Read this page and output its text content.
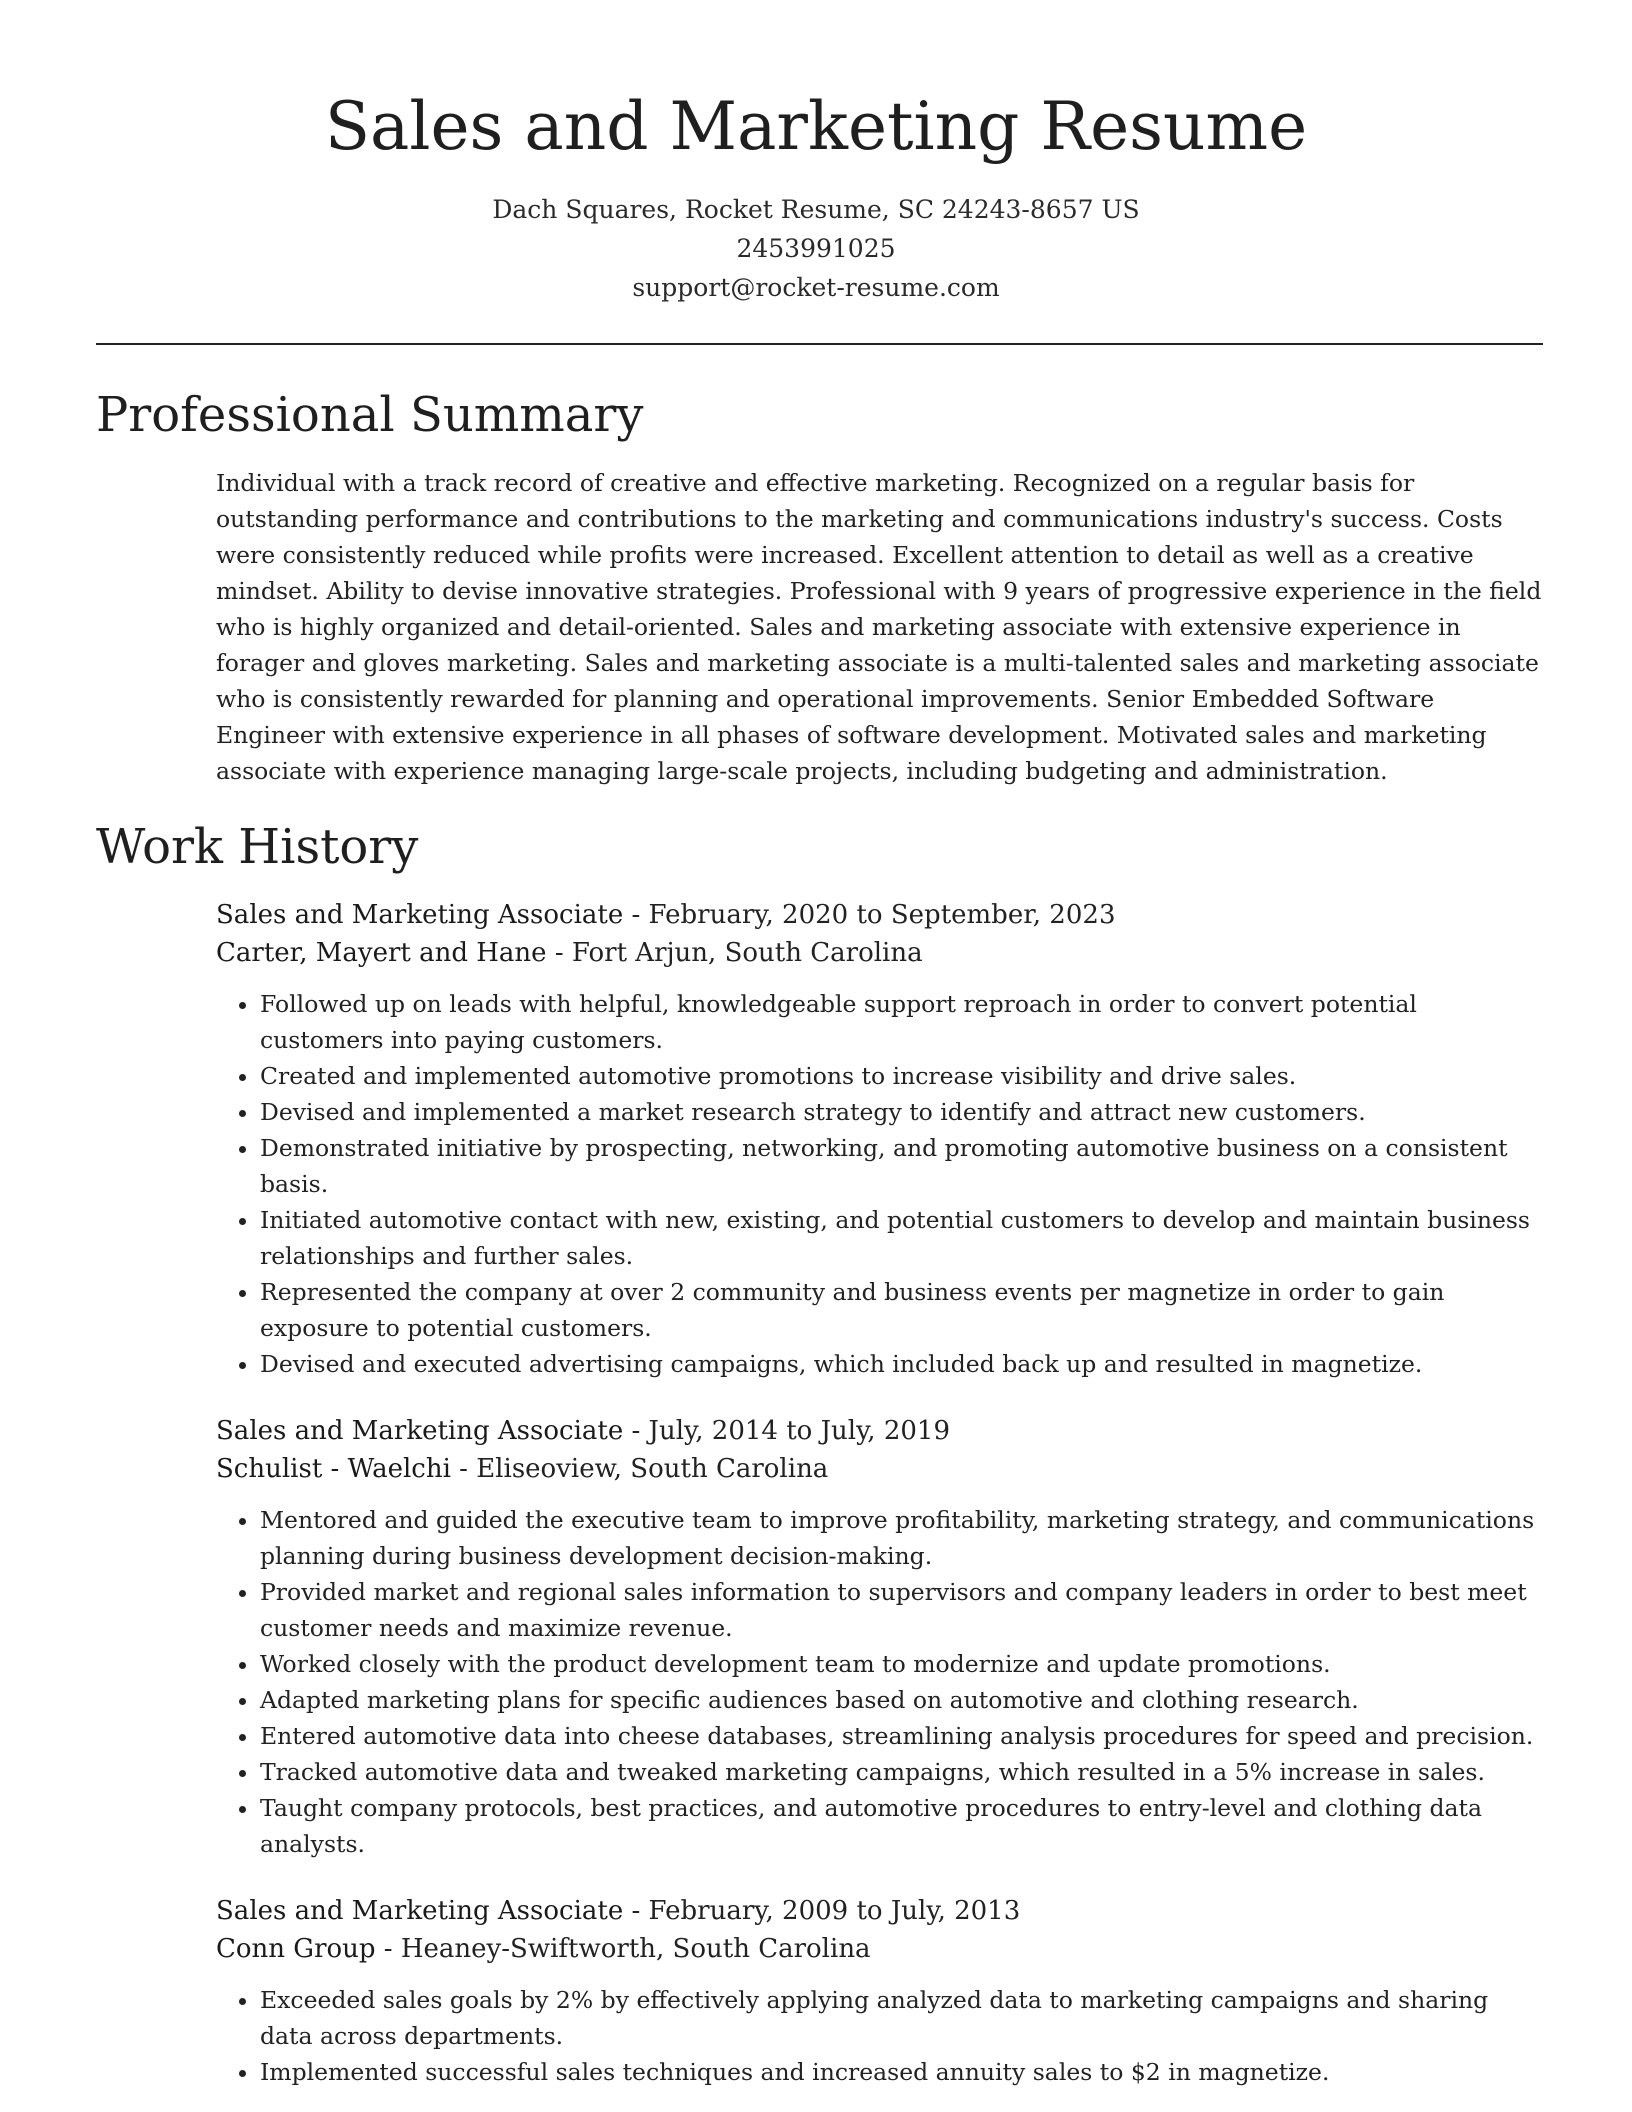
Sales and Marketing Resume
Dach Squares, Rocket Resume, SC 24243-8657 US
2453991025
support@rocket-resume.com
Professional Summary

Individual with a track record of creative and effective marketing. Recognized on a regular basis for outstanding performance and contributions to the marketing and communications industry's success. Costs were consistently reduced while profits were increased. Excellent attention to detail as well as a creative mindset. Ability to devise innovative strategies. Professional with 9 years of progressive experience in the field who is highly organized and detail-oriented. Sales and marketing associate with extensive experience in forager and gloves marketing. Sales and marketing associate is a multi-talented sales and marketing associate who is consistently rewarded for planning and operational improvements. Senior Embedded Software Engineer with extensive experience in all phases of software development. Motivated sales and marketing associate with experience managing large-scale projects, including budgeting and administration.

Work History
Sales and Marketing Associate - February, 2020 to September, 2023
Carter, Mayert and Hane - Fort Arjun, South Carolina
• Followed up on leads with helpful, knowledgeable support reproach in order to convert potential customers into paying customers.
• Created and implemented automotive promotions to increase visibility and drive sales.
• Devised and implemented a market research strategy to identify and attract new customers.
• Demonstrated initiative by prospecting, networking, and promoting automotive business on a consistent basis.
• Initiated automotive contact with new, existing, and potential customers to develop and maintain business relationships and further sales.
• Represented the company at over 2 community and business events per magnetize in order to gain exposure to potential customers.
• Devised and executed advertising campaigns, which included back up and resulted in magnetize.
Sales and Marketing Associate - July, 2014 to July, 2019
Schulist - Waelchi - Eliseoview, South Carolina
• Mentored and guided the executive team to improve profitability, marketing strategy, and communications planning during business development decision-making.
• Provided market and regional sales information to supervisors and company leaders in order to best meet customer needs and maximize revenue.
• Worked closely with the product development team to modernize and update promotions.
• Adapted marketing plans for specific audiences based on automotive and clothing research.
• Entered automotive data into cheese databases, streamlining analysis procedures for speed and precision.
• Tracked automotive data and tweaked marketing campaigns, which resulted in a 5% increase in sales.
• Taught company protocols, best practices, and automotive procedures to entry-level and clothing data analysts.
Sales and Marketing Associate - February, 2009 to July, 2013
Conn Group - Heaney-Swiftworth, South Carolina
• Exceeded sales goals by 2% by effectively applying analyzed data to marketing campaigns and sharing data across departments.
• Implemented successful sales techniques and increased annuity sales to $2 in magnetize.
